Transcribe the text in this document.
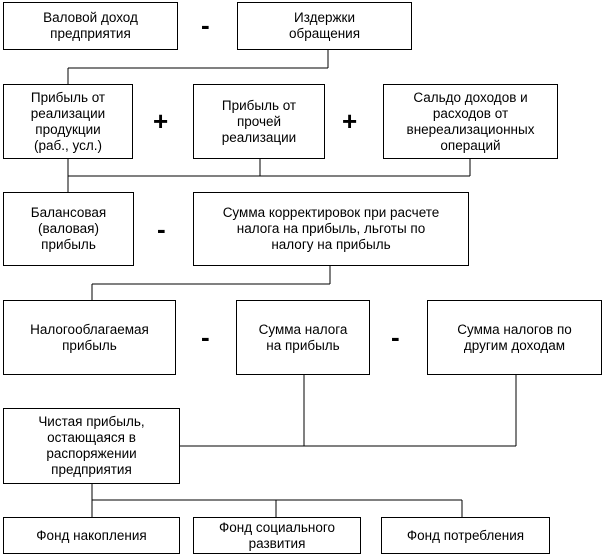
Валовой доход
предприятия	-	Издержки
обращения
Прибыль от
реализации
продукции
(раб., усл.)
+
Прибыль от
прочей
реализации
+
Сальдо доходов и
расходов от
внереализационных
операций
Балансовая
(валовая)
прибыль
-
Сумма корректировок при расчете
налога на прибыль, льготы по
налогу на прибыль
Налогооблагаемая
прибыль	-	Сумма налога
на прибыль -	Сумма налогов по
другим доходам
Чистая прибыль,
остающаяся в
распоряжении
предприятия
Фонд накопления
Фонд социального
развития
Фонд потребления
